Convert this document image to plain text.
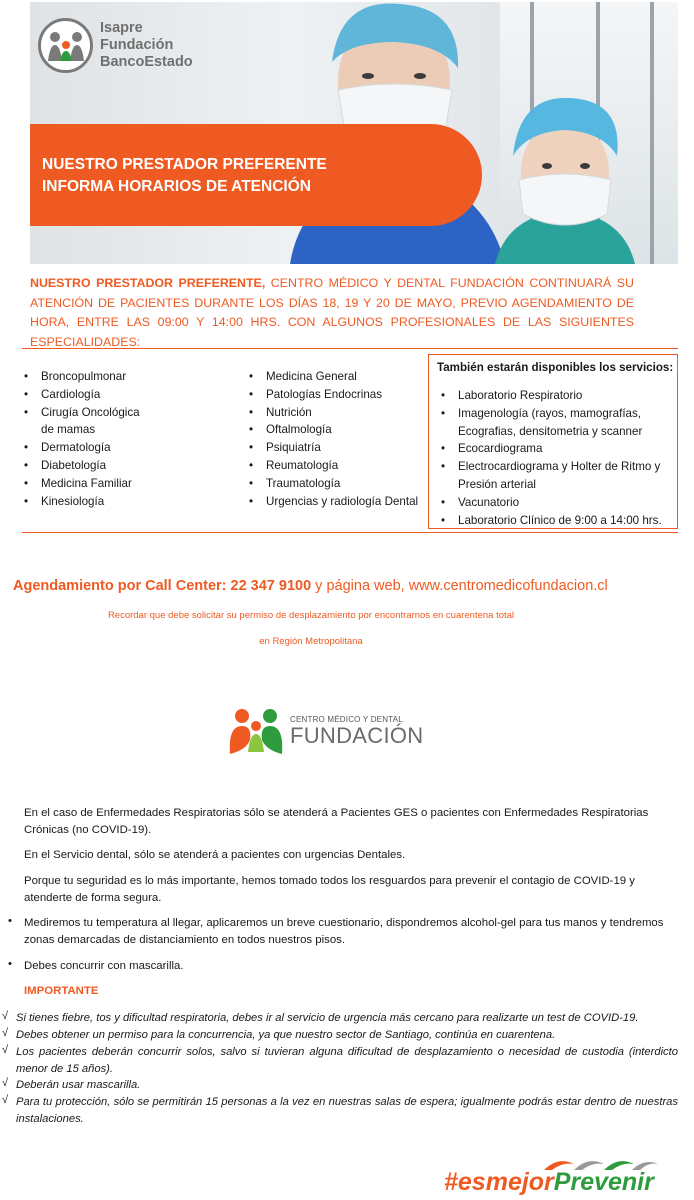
Isapre
Fundación
BancoEstado
NUESTRO PRESTADOR PREFERENTE
INFORMA HORARIOS DE ATENCIÓN

NUESTRO PRESTADOR PREFERENTE, CENTRO MÉDICO Y DENTAL FUNDACIÓN CONTINUARÁ SU ATENCIÓN DE PACIENTES DURANTE LOS DÍAS 18, 19 Y 20 DE MAYO, PREVIO AGENDAMIENTO DE HORA, ENTRE LAS 09:00 Y 14:00 HRS. CON ALGUNOS PROFESIONALES DE LAS SIGUIENTES ESPECIALIDADES:

• Broncopulmonar
• Cardiología
• Cirugía Oncológica de mamas
• Dermatología
• Diabetología
• Medicina Familiar
• Kinesiología
• Medicina General
• Patologías Endocrinas
• Nutrición
• Oftalmología
• Psiquiatría
• Reumatología
• Traumatología
• Urgencias y radiología Dental
También estarán disponibles los servicios:
• Laboratorio Respiratorio
• Imagenología (rayos, mamografías, Ecografias, densitometria y scanner
• Ecocardiograma
• Electrocardiograma y Holter de Ritmo y Presión arterial
• Vacunatorio
• Laboratorio Clínico de 9:00 a 14:00 hrs.
Agendamiento por Call Center: 22 347 9100 y página web, www.centromedicofundacion.cl
Recordar que debe solicitar su permiso de desplazamiento por encontrarnos en cuarentena total
en Región Metropolitana
CENTRO MÉDICO Y DENTAL
FUNDACIÓN

En el caso de Enfermedades Respiratorias sólo se atenderá a Pacientes GES o pacientes con Enfermedades Respiratorias Crónicas (no COVID-19).

En el Servicio dental, sólo se atenderá a pacientes con urgencias Dentales.

Porque tu seguridad es lo más importante, hemos tomado todos los resguardos para prevenir el contagio de COVID-19 y atenderte de forma segura.

• Mediremos tu temperatura al llegar, aplicaremos un breve cuestionario, dispondremos alcohol-gel para tus manos y tendremos zonas demarcadas de distanciamiento en todos nuestros pisos.

• Debes concurrir con mascarilla.

IMPORTANTE
√ Si tienes fiebre, tos y dificultad respiratoria, debes ir al servicio de urgencia más cercano para realizarte un test de COVID-19.

√ Debes obtener un permiso para la concurrencia, ya que nuestro sector de Santiago, continúa en cuarentena.

√ Los pacientes deberán concurrir solos, salvo si tuvieran alguna dificultad de desplazamiento o necesidad de custodia (interdicto menor de 15 años).

√ Deberán usar mascarilla.

√ Para tu protección, sólo se permitirán 15 personas a la vez en nuestras salas de espera; igualmente podrás estar dentro de nuestras instalaciones.

#esmejorPrevenir
